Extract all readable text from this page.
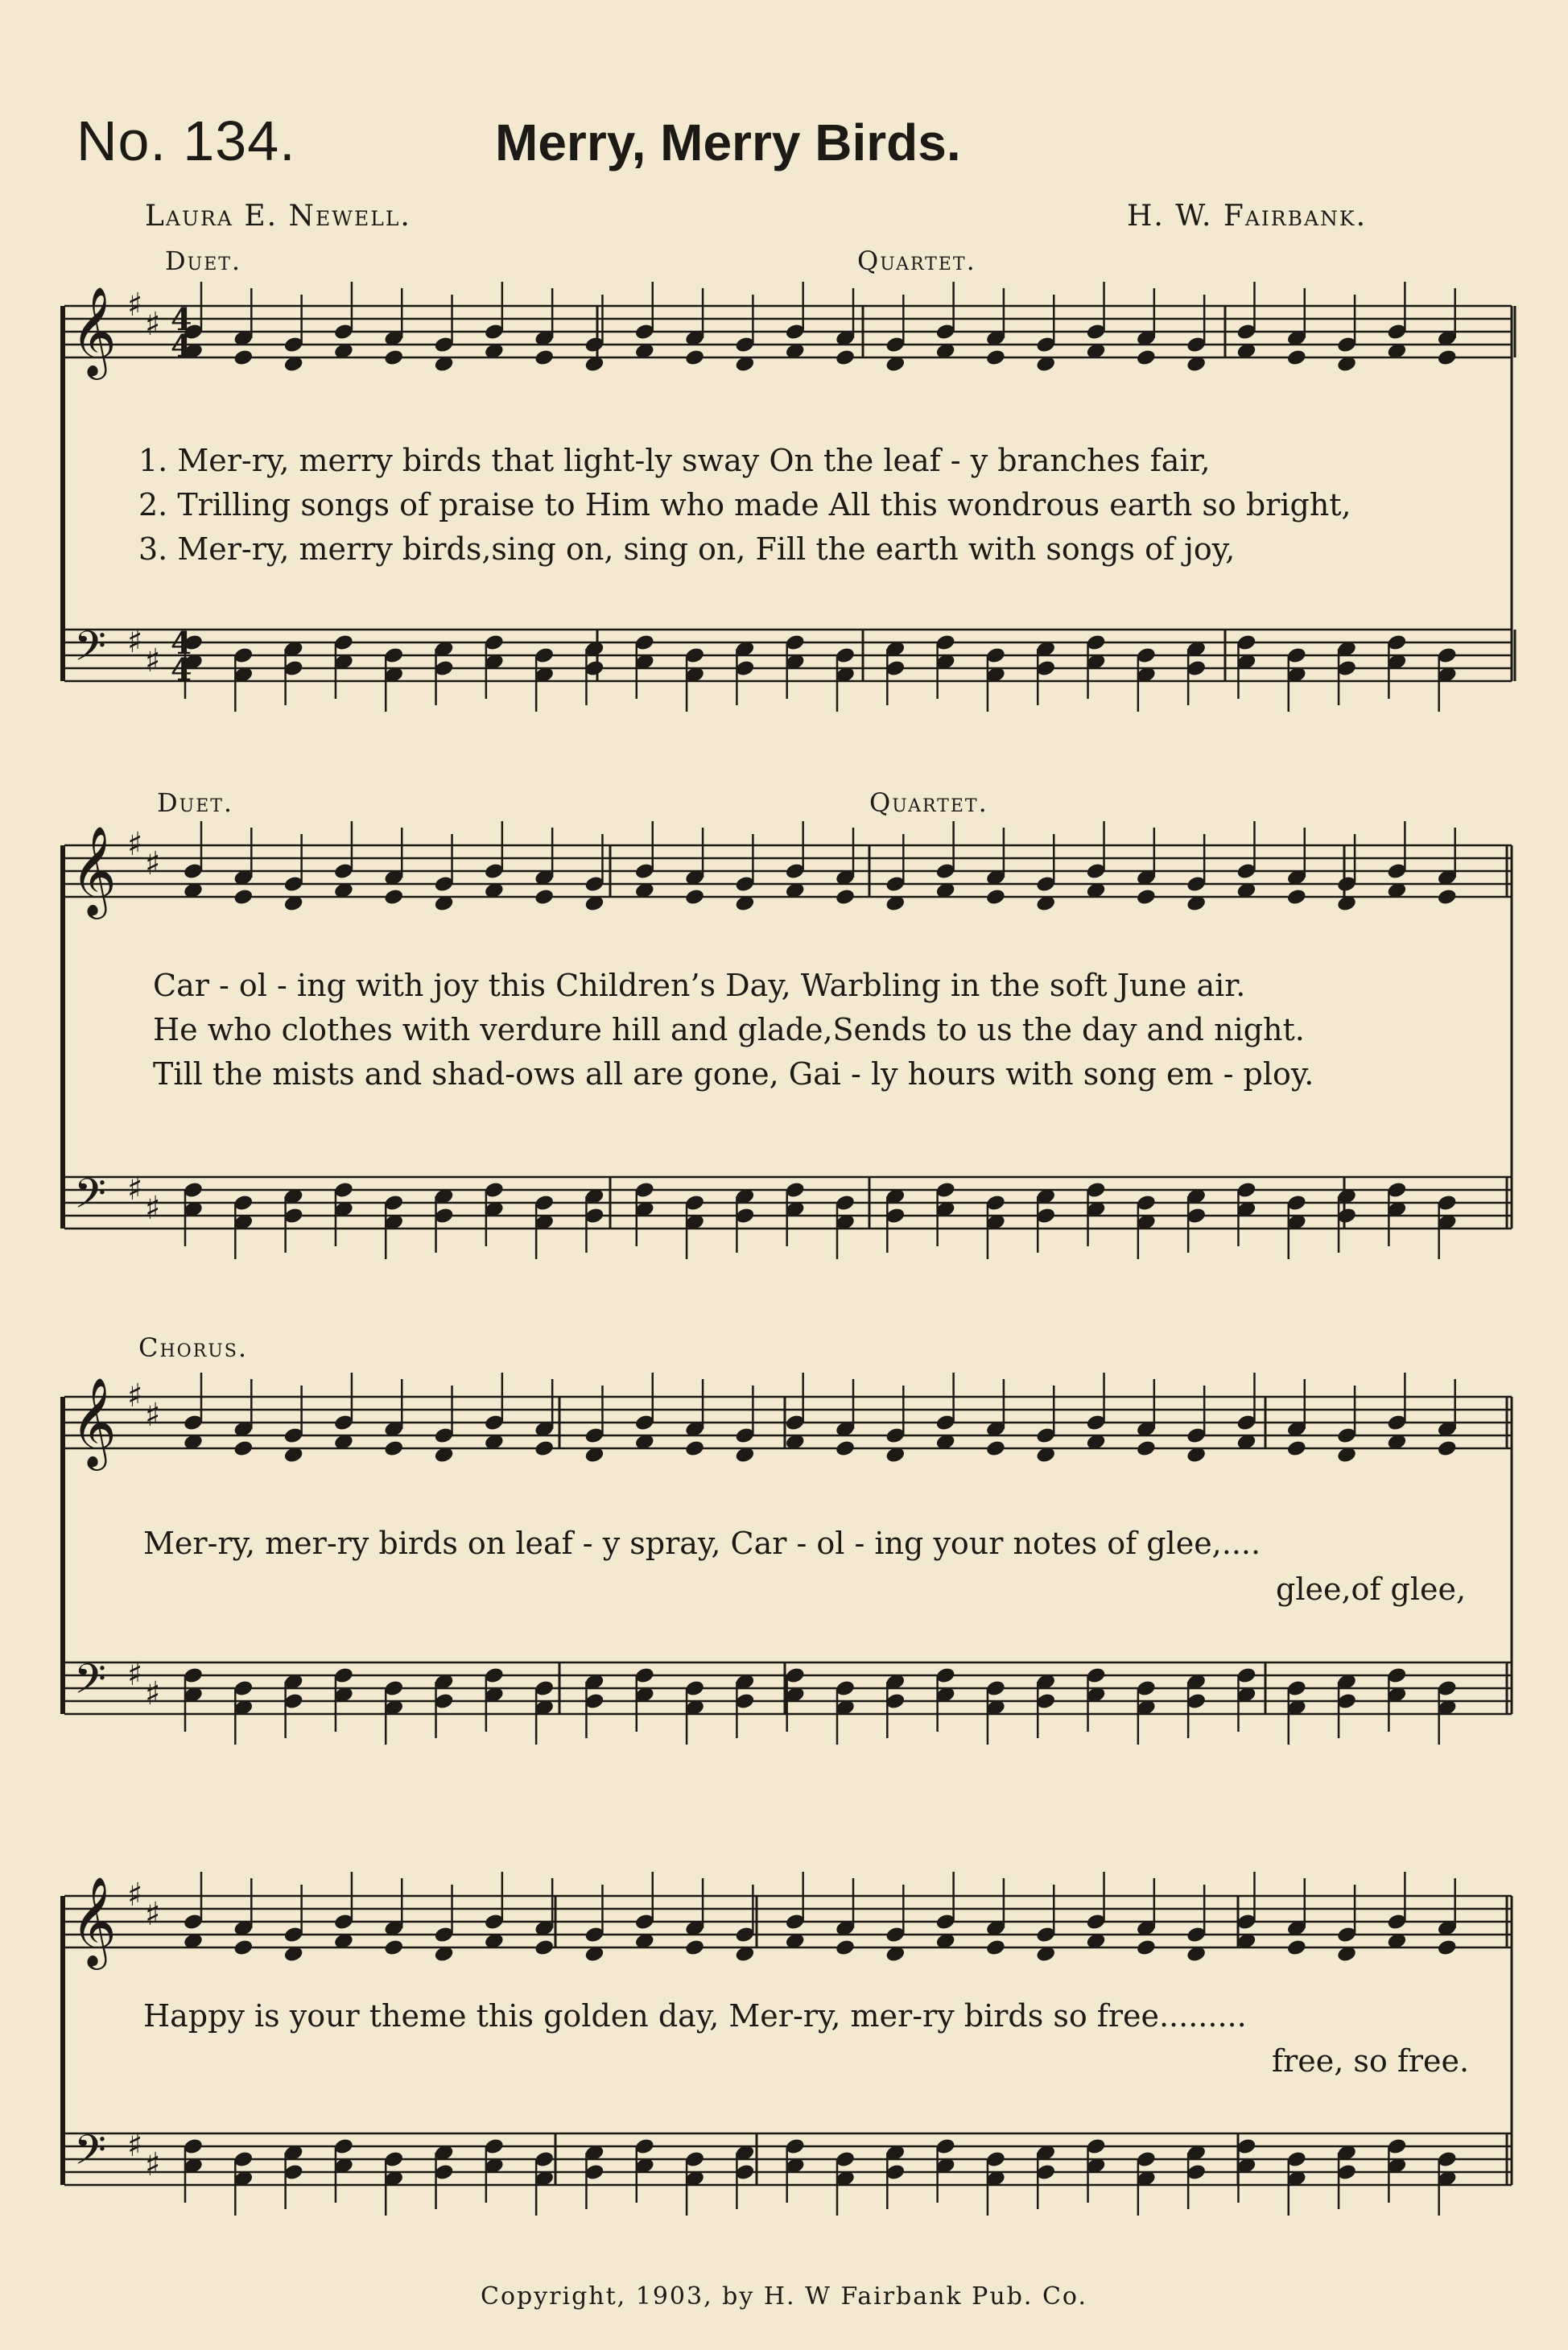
No. 134.	Merry, Merry Birds.
Laura E. Newell.	H. W. Fairbank.
Duet.	Quartet.
Duet.	Quartet.
Chorus.
𝄞
𝄢
♯
♯
♯
♯
𝄞
𝄢
♯
♯
♯
♯
𝄞
𝄢
♯
♯
♯
♯
𝄞
𝄢
♯
♯
♯
♯
4
4
4
4
1. Mer-ry, merry birds that light-ly sway On the leaf - y branches fair,
2. Trilling songs of praise to Him who made All this wondrous earth so bright,
3. Mer-ry, merry birds,sing on, sing on, Fill the earth with songs of joy,
Car - ol - ing with joy this Children’s Day, Warbling in the soft June air.
He who clothes with verdure hill and glade,Sends to us the day and night.
Till the mists and shad-ows all are gone, Gai - ly hours with song em - ploy.
Mer-ry, mer-ry birds on leaf - y spray, Car - ol - ing your notes of glee,....
glee,of glee,
Happy is your theme this golden day, Mer-ry, mer-ry birds so free.........
free, so free.
Copyright, 1903, by H. W Fairbank Pub. Co.
